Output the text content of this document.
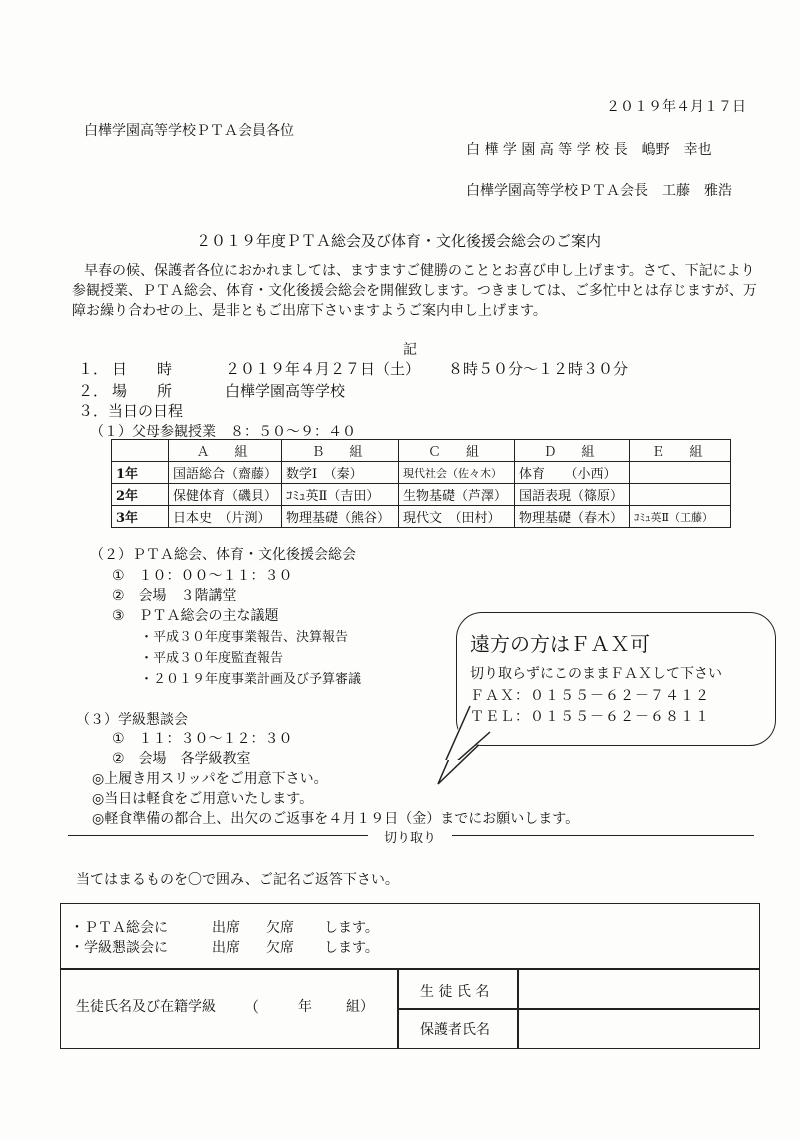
２０１９年４月１７日
白樺学園高等学校ＰＴＡ会員各位
白 樺 学 園 高 等 学 校 長　嶋野　幸也
白樺学園高等学校ＰＴＡ会長　工藤　雅浩
２０１９年度ＰＴＡ総会及び体育・文化後援会総会のご案内
早春の候、保護者各位におかれましては、ますますご健勝のこととお喜び申し上げます。さて、下記により
参観授業、ＰＴＡ総会、体育・文化後援会総会を開催致します。つきましては、ご多忙中とは存じますが、万
障お繰り合わせの上、是非ともご出席下さいますようご案内申し上げます。
記
１． 日　　時	２０１９年４月２７日（土） ８時５０分～１２時３０分
２． 場　　所	白樺学園高等学校
３．当日の日程
（１）父母参観授業　８：５０～９：４０
	Ａ　組	Ｂ　組	Ｃ　組	Ｄ　組	Ｅ　組
1年	国語総合（齋藤）	数学Ⅰ　（秦）	現代社会（佐々木）	体育　　（小西）	
2年	保健体育（磯貝）	ｺﾐｭ英Ⅱ（吉田）	生物基礎（芦澤）	国語表現（篠原）	
3年	日本史　（片渕）	物理基礎（熊谷）	現代文　（田村）	物理基礎（春木）	ｺﾐｭ英Ⅱ（工藤）
（２）ＰＴＡ総会、体育・文化後援会総会
①　１０：００～１１：３０
②　会場　３階講堂
③　ＰＴＡ総会の主な議題
・平成３０年度事業報告、決算報告
・平成３０年度監査報告
・２０１９年度事業計画及び予算審議
遠方の方はＦＡＸ可
切り取らずにこのままＦＡＸして下さい
ＦＡＸ：０１５５－６２－７４１２
ＴＥＬ：０１５５－６２－６８１１
（３）学級懇談会
①　１１：３０～１２：３０
②　会場　各学級教室
◎上履き用スリッパをご用意下さい。
◎当日は軽食をご用意いたします。
◎軽食準備の都合上、出欠のご返事を４月１９日（金）までにお願いします。
切り取り
当てはまるものを〇で囲み、ご記名ご返答下さい。
・ＰＴＡ総会に	出席 欠席 します。
・学級懇談会に	出席 欠席 します。
生徒氏名及び在籍学級 （	年 組）
生 徒 氏 名
保護者氏名
